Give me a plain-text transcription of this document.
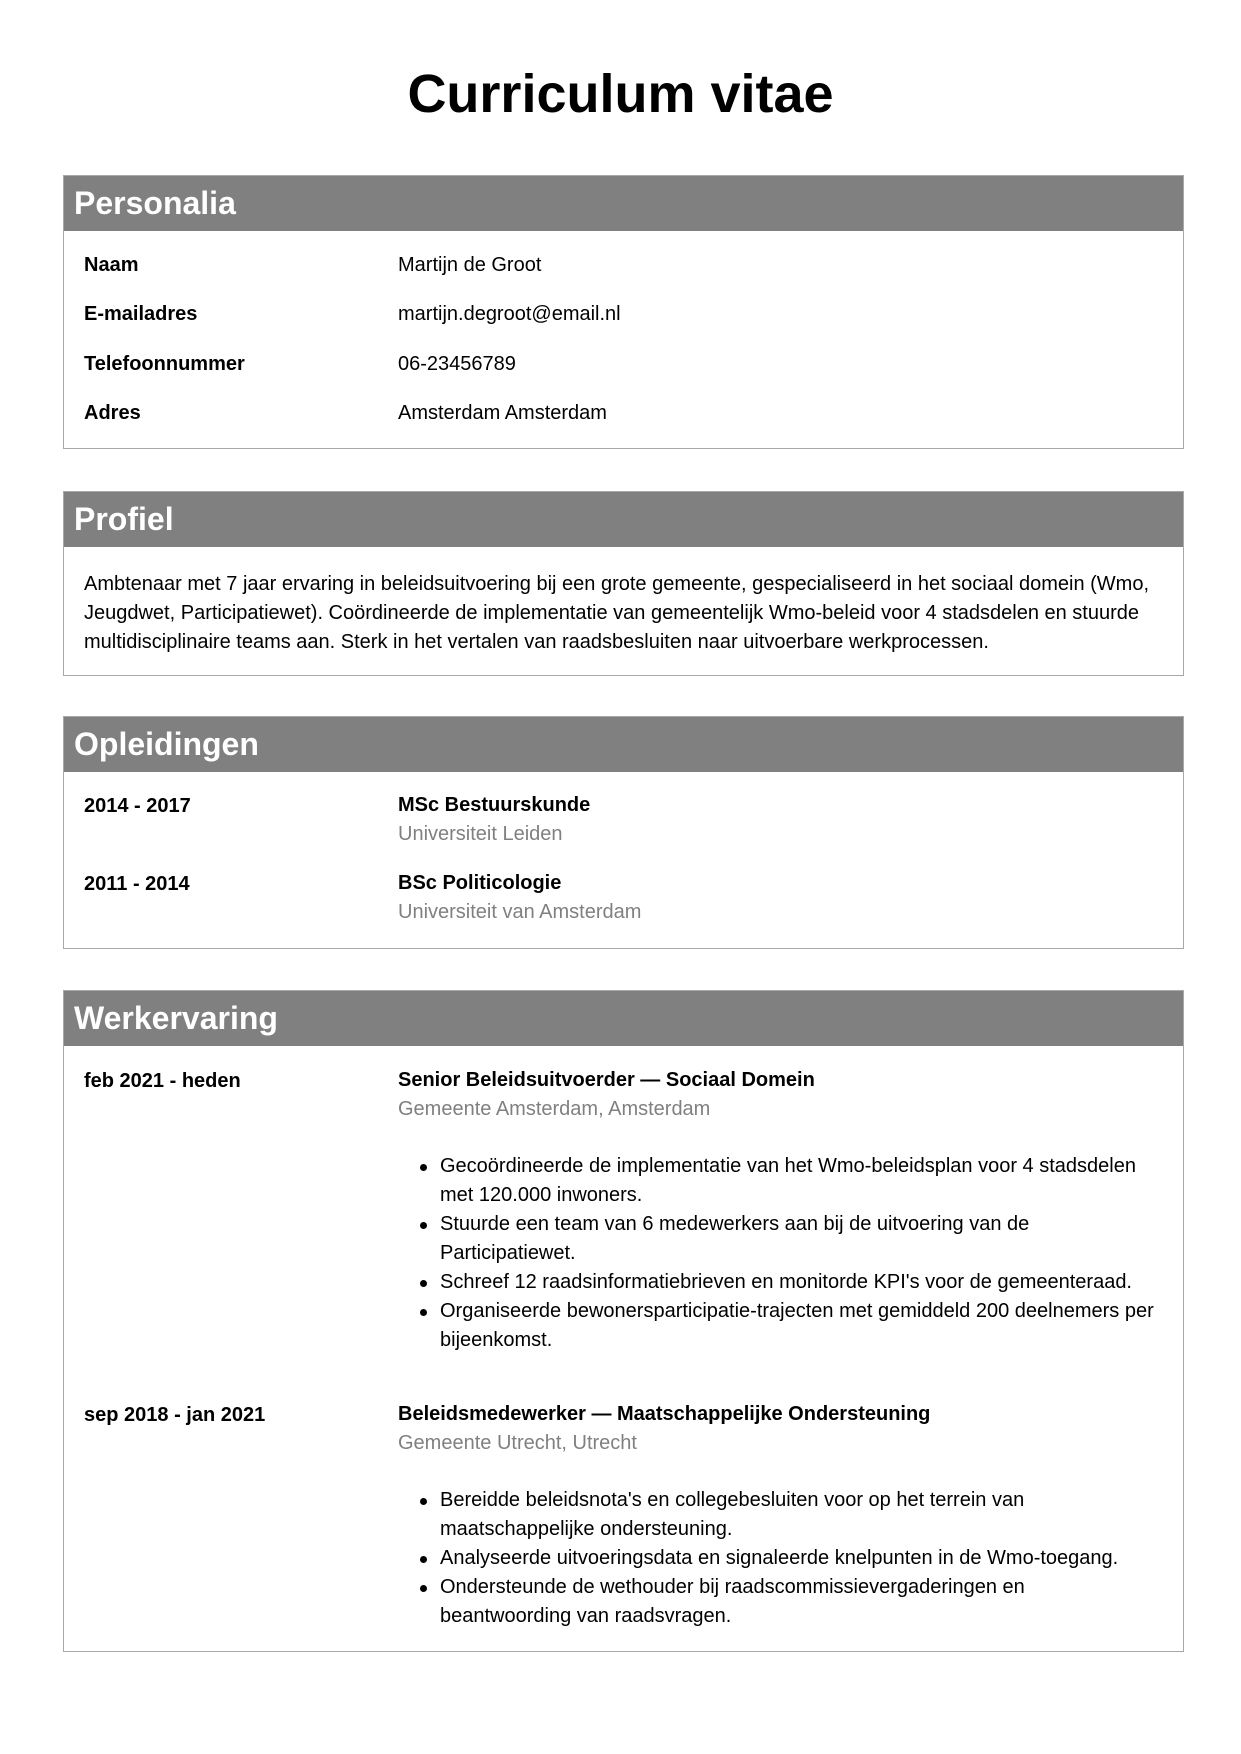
Curriculum vitae
Personalia
Naam	Martijn de Groot
E-mailadres	martijn.degroot@email.nl
Telefoonnummer	06-23456789
Adres	Amsterdam Amsterdam
Profiel
Ambtenaar met 7 jaar ervaring in beleidsuitvoering bij een grote gemeente, gespecialiseerd in het sociaal domein (Wmo, Jeugdwet, Participatiewet). Coördineerde de implementatie van gemeentelijk Wmo-beleid voor 4 stadsdelen en stuurde multidisciplinaire teams aan. Sterk in het vertalen van raadsbesluiten naar uitvoerbare werkprocessen.
Opleidingen
2014 - 2017	MSc Bestuurskunde
Universiteit Leiden
2011 - 2014	BSc Politicologie
Universiteit van Amsterdam
Werkervaring
feb 2021 - heden	Senior Beleidsuitvoerder — Sociaal Domein
Gemeente Amsterdam, Amsterdam
Gecoördineerde de implementatie van het Wmo-beleidsplan voor 4 stadsdelen met 120.000 inwoners.
Stuurde een team van 6 medewerkers aan bij de uitvoering van de Participatiewet.
Schreef 12 raadsinformatiebrieven en monitorde KPI's voor de gemeenteraad.
Organiseerde bewonersparticipatie-trajecten met gemiddeld 200 deelnemers per bijeenkomst.
sep 2018 - jan 2021	Beleidsmedewerker — Maatschappelijke Ondersteuning
Gemeente Utrecht, Utrecht
Bereidde beleidsnota's en collegebesluiten voor op het terrein van maatschappelijke ondersteuning.
Analyseerde uitvoeringsdata en signaleerde knelpunten in de Wmo-toegang.
Ondersteunde de wethouder bij raadscommissievergaderingen en beantwoording van raadsvragen.
